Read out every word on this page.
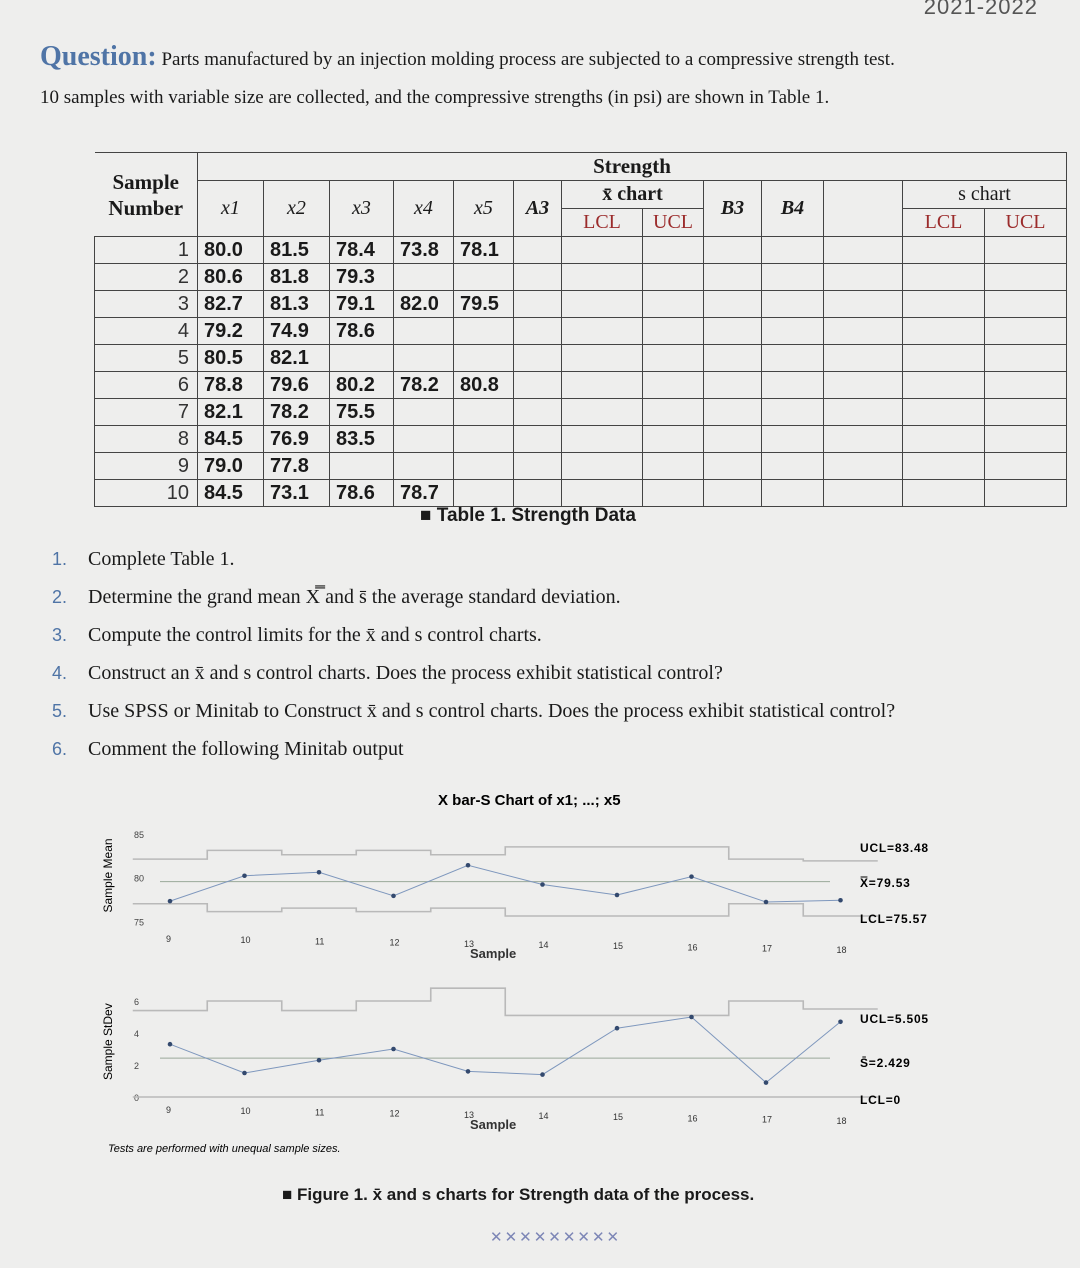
2021-2022
Question: Parts manufactured by an injection molding process are subjected to a compressive strength test.
10 samples with variable size are collected, and the compressive strengths (in psi) are shown in Table 1.
Sample Number	Strength												
	x1	x2	x3	x4	x5	A3	x̄ chart		B3	B4		s chart	
							LCL	UCL				LCL	UCL
1	80.0	81.5	78.4	73.8	78.1								
2	80.6	81.8	79.3										
3	82.7	81.3	79.1	82.0	79.5								
4	79.2	74.9	78.6										
5	80.5	82.1											
6	78.8	79.6	80.2	78.2	80.8								
7	82.1	78.2	75.5										
8	84.5	76.9	83.5										
9	79.0	77.8											
10	84.5	73.1	78.6	78.7									
■ Table 1. Strength Data
1. Complete Table 1.
2. Determine the grand mean X̿ and s̄ the average standard deviation.
3. Compute the control limits for the x̄ and s control charts.
4. Construct an x̄ and s control charts. Does the process exhibit statistical control?
5. Use SPSS or Minitab to Construct x̄ and s control charts. Does the process exhibit statistical control?
6. Comment the following Minitab output
X bar-S Chart of x1; ...; x5
Tests are performed with unequal sample sizes.
Sample Mean
75
80
85
9	10	11	12	13	14	15	16	17	18
Sample
UCL=83.48
X̿=79.53
LCL=75.57
Sample StDev
0
2
4
6
9	10	11	12	13	14	15	16	17	18
Sample
UCL=5.505
S̄=2.429
LCL=0
■ Figure 1. x̄ and s charts for Strength data of the process.
✕✕✕✕✕✕✕✕✕
